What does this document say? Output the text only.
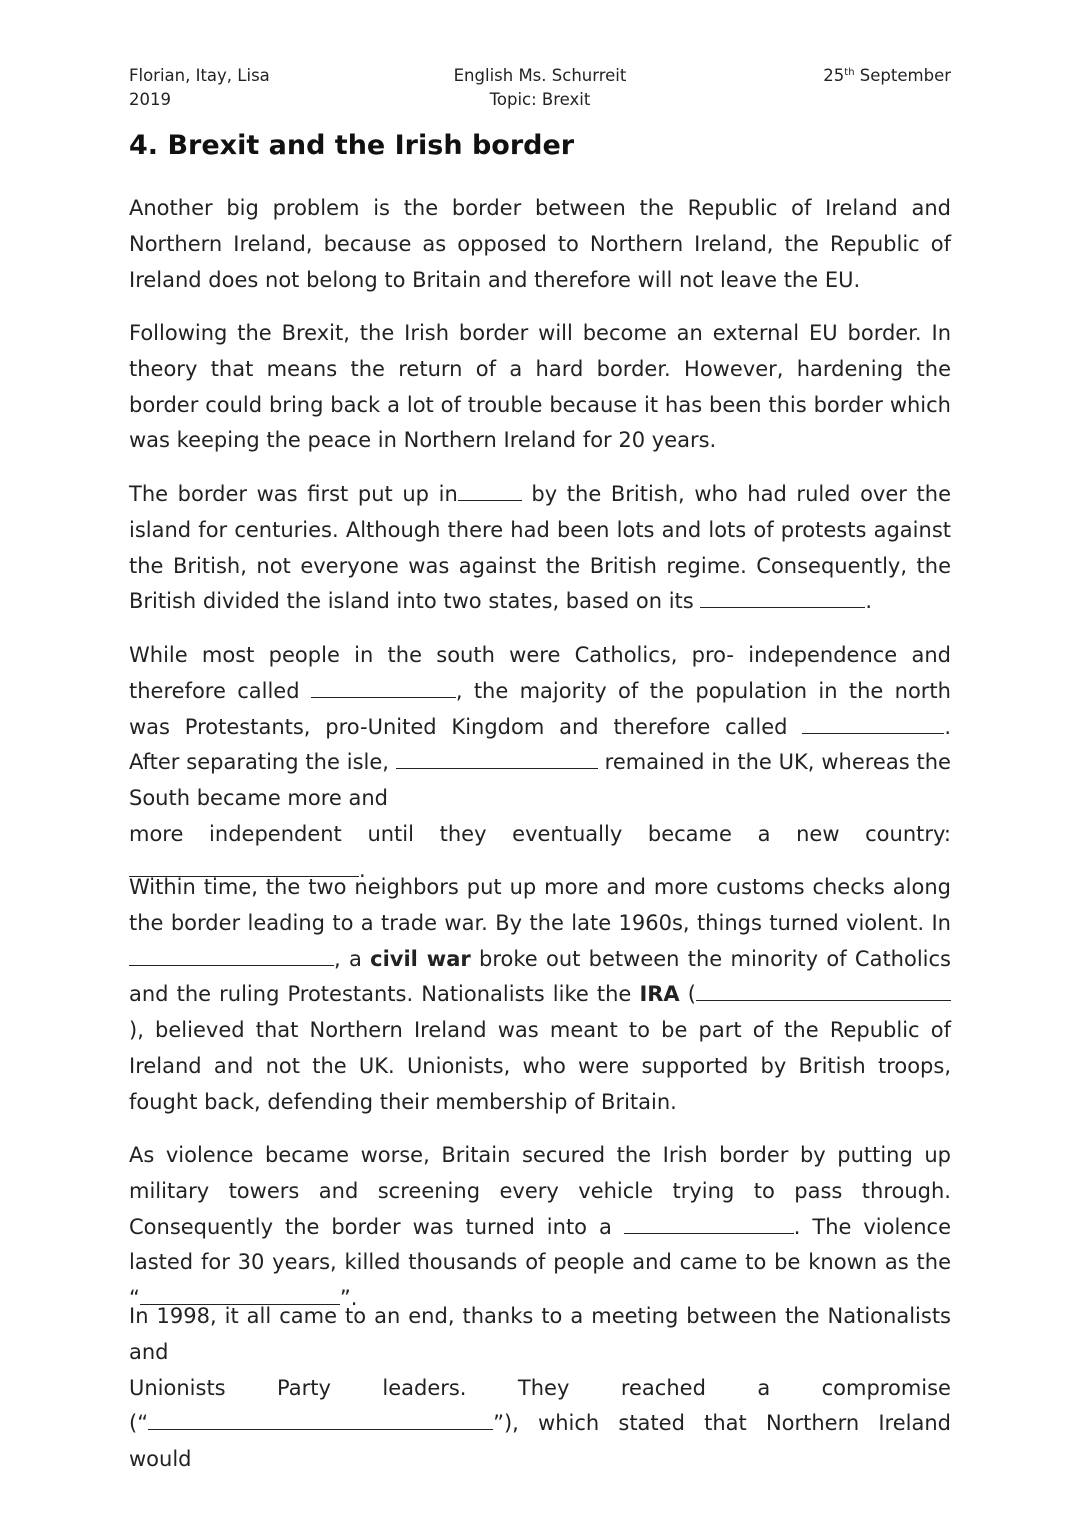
Florian, Itay, Lisa
2019
English Ms. Schurreit
Topic: Brexit
25th September
4. Brexit and the Irish border

Another big problem is the border between the Republic of Ireland and Northern Ireland, because as opposed to Northern Ireland, the Republic of Ireland does not belong to Britain and therefore will not leave the EU.

Following the Brexit, the Irish border will become an external EU border. In theory that means the return of a hard border. However, hardening the border could bring back a lot of trouble because it has been this border which was keeping the peace in Northern Ireland for 20 years.

The border was first put up in	by the British, who had ruled over the island for centuries. Although there had been lots and lots of protests against the British, not everyone was against the British regime. Consequently, the British divided the island into two states, based on its	.

While most people in the south were Catholics, pro- independence and therefore called	, the majority of the population in the north was Protestants, pro-United Kingdom and therefore called	. After separating the isle,	remained in the UK, whereas the South became more and

more independent until they eventually became a new country:
.

Within time, the two neighbors put up more and more customs checks along the border leading to a trade war. By the late 1960s, things turned violent. In , a civil war broke out between the minority of Catholics and the ruling Protestants. Nationalists like the IRA (), believed that Northern Ireland was meant to be part of the Republic of Ireland and not the UK. Unionists, who were supported by British troops, fought back, defending their membership of Britain.

As violence became worse, Britain secured the Irish border by putting up military towers and screening every vehicle trying to pass through. Consequently the border was turned into a	. The violence lasted for 30 years, killed thousands of people and came to be known as the “	”.

In 1998, it all came to an end, thanks to a meeting between the Nationalists and
Unionists Party leaders. They reached a compromise
(“	”), which stated that Northern Ireland would
